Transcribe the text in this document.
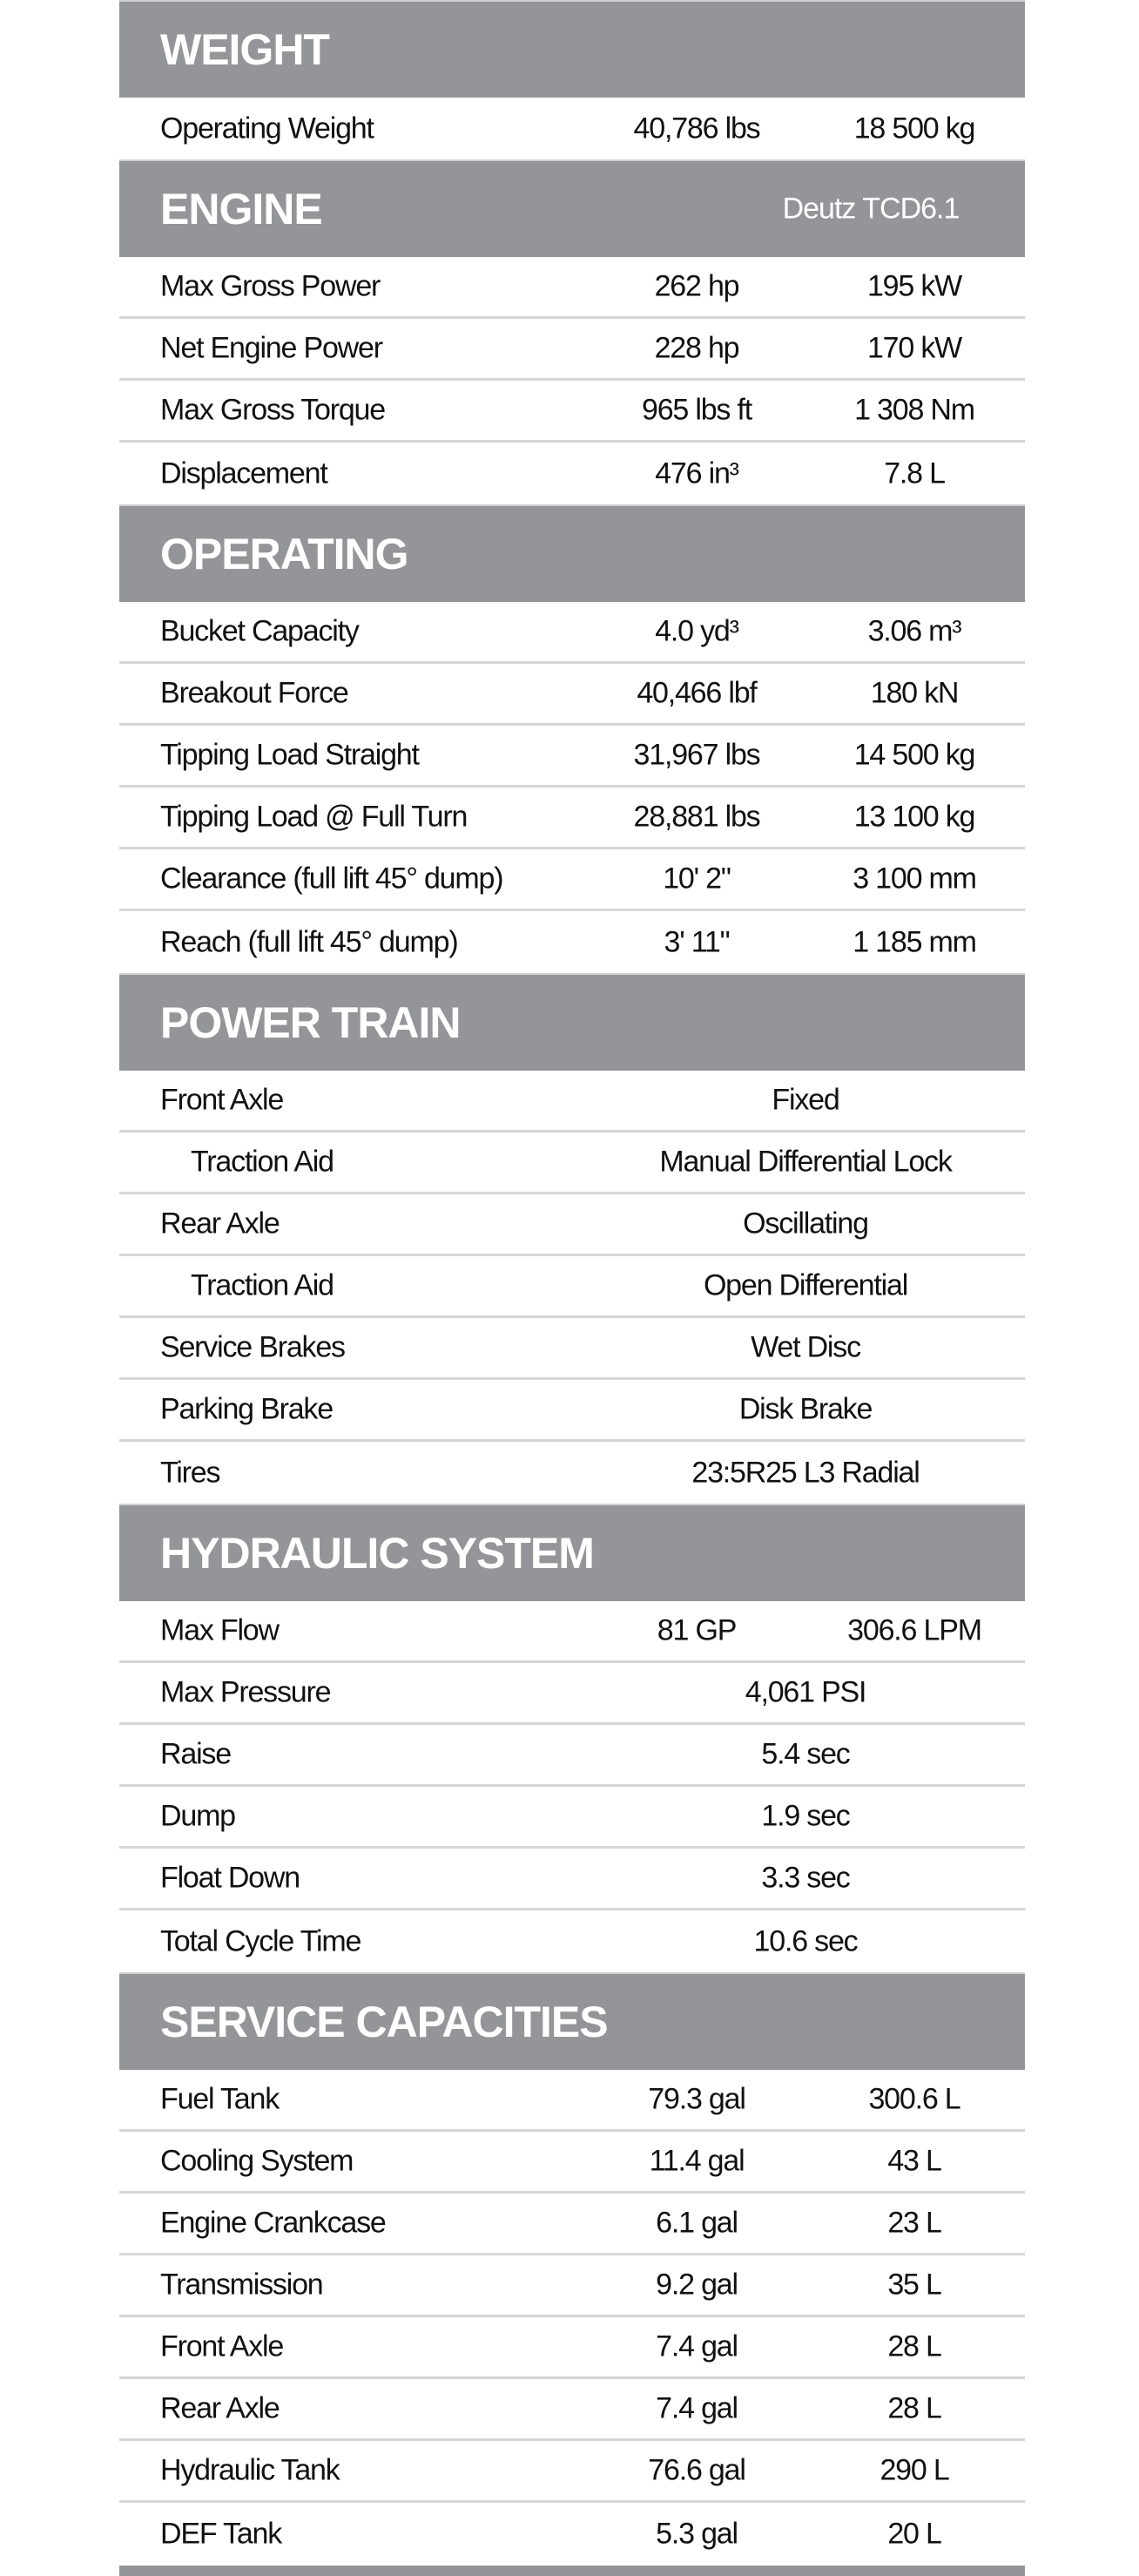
WEIGHT
Operating Weight	40,786 lbs	18 500 kg
ENGINE	Deutz TCD6.1
Max Gross Power	262 hp	195 kW
Net Engine Power	228 hp	170 kW
Max Gross Torque	965 lbs ft	1 308 Nm
Displacement	476 in³	7.8 L
OPERATING
Bucket Capacity	4.0 yd³	3.06 m³
Breakout Force	40,466 lbf	180 kN
Tipping Load Straight	31,967 lbs	14 500 kg
Tipping Load @ Full Turn	28,881 lbs	13 100 kg
Clearance (full lift 45° dump)	10' 2"	3 100 mm
Reach (full lift 45° dump)	3' 11"	1 185 mm
POWER TRAIN
Front Axle	Fixed
Traction Aid	Manual Differential Lock
Rear Axle	Oscillating
Traction Aid	Open Differential
Service Brakes	Wet Disc
Parking Brake	Disk Brake
Tires	23:5R25 L3 Radial
HYDRAULIC SYSTEM
Max Flow	81 GP	306.6 LPM
Max Pressure	4,061 PSI
Raise	5.4 sec
Dump	1.9 sec
Float Down	3.3 sec
Total Cycle Time	10.6 sec
SERVICE CAPACITIES
Fuel Tank	79.3 gal	300.6 L
Cooling System	11.4 gal	43 L
Engine Crankcase	6.1 gal	23 L
Transmission	9.2 gal	35 L
Front Axle	7.4 gal	28 L
Rear Axle	7.4 gal	28 L
Hydraulic Tank	76.6 gal	290 L
DEF Tank	5.3 gal	20 L
